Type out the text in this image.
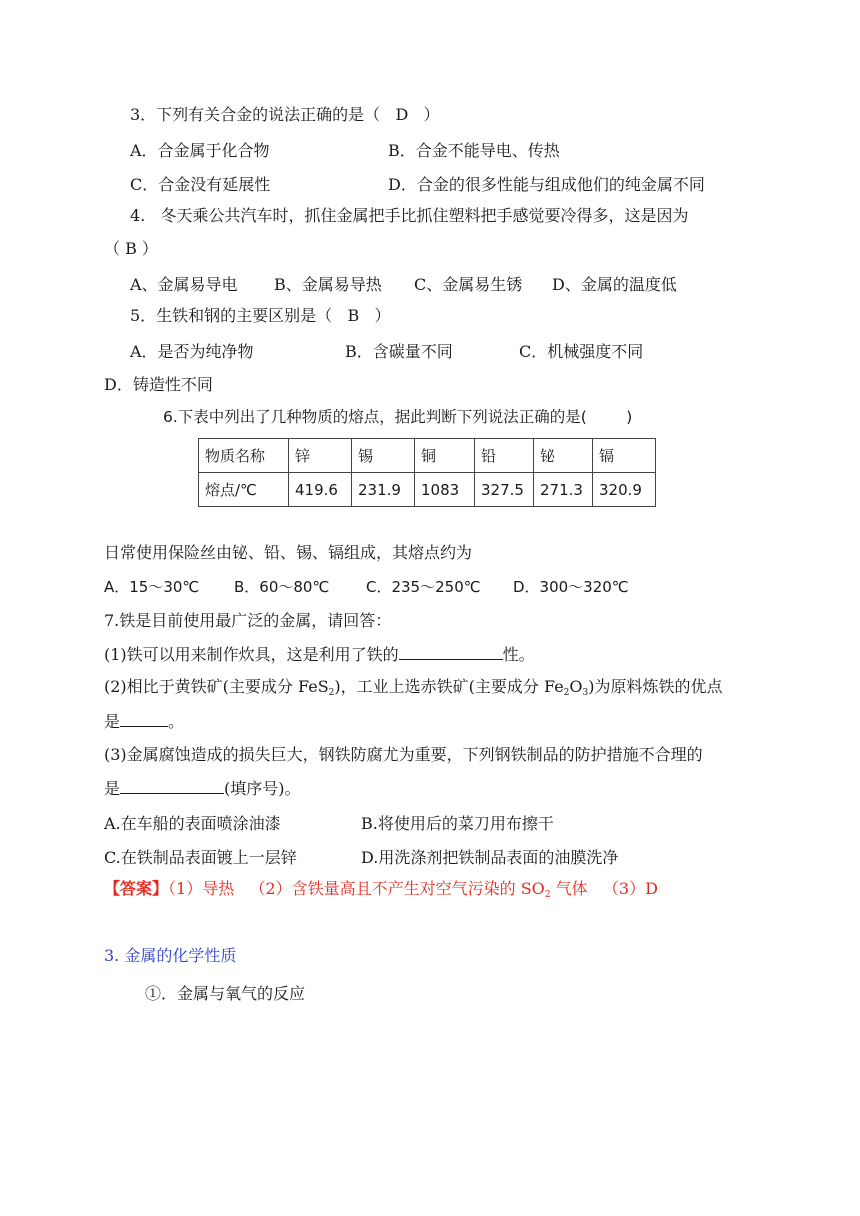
3．下列有关合金的说法正确的是（   D   ）
A．合金属于化合物	B．合金不能导电、传热
C．合金没有延展性	D．合金的很多性能与组成他们的纯金属不同
4.   冬天乘公共汽车时，抓住金属把手比抓住塑料把手感觉要冷得多，这是因为
（ B ）
A、金属易导电 B、金属易导热 C、金属易生锈 D、金属的温度低
5．生铁和钢的主要区别是（   B   ）
A．是否为纯净物	B．含碳量不同	C．机械强度不同
D．铸造性不同
6.下表中列出了几种物质的熔点，据此判断下列说法正确的是(        )
物质名称	锌	锡	铜	铅	铋	镉
熔点/℃	419.6	231.9	1083	327.5	271.3	320.9
日常使用保险丝由铋、铅、锡、镉组成，其熔点约为
A．15～30℃ B．60～80℃ C．235～250℃ D．300～320℃
7.铁是目前使用最广泛的金属，请回答：
(1)铁可以用来制作炊具，这是利用了铁的	性。
(2)相比于黄铁矿(主要成分 FeS$_2$)，工业上选赤铁矿(主要成分 $Fe_2O_3$)为原料炼铁的优点
是	。
(3)金属腐蚀造成的损失巨大，钢铁防腐尤为重要，下列钢铁制品的防护措施不合理的
是	(填序号)。
A.在车船的表面喷涂油漆	B.将使用后的菜刀用布擦干
C.在铁制品表面镀上一层锌	D.用洗涤剂把铁制品表面的油膜洗净
【答案】（1）导热   （2）含铁量高且不产生对空气污染的 $SO_2$ 气体   （3）D
3. 金属的化学性质
①．金属与氧气的反应
